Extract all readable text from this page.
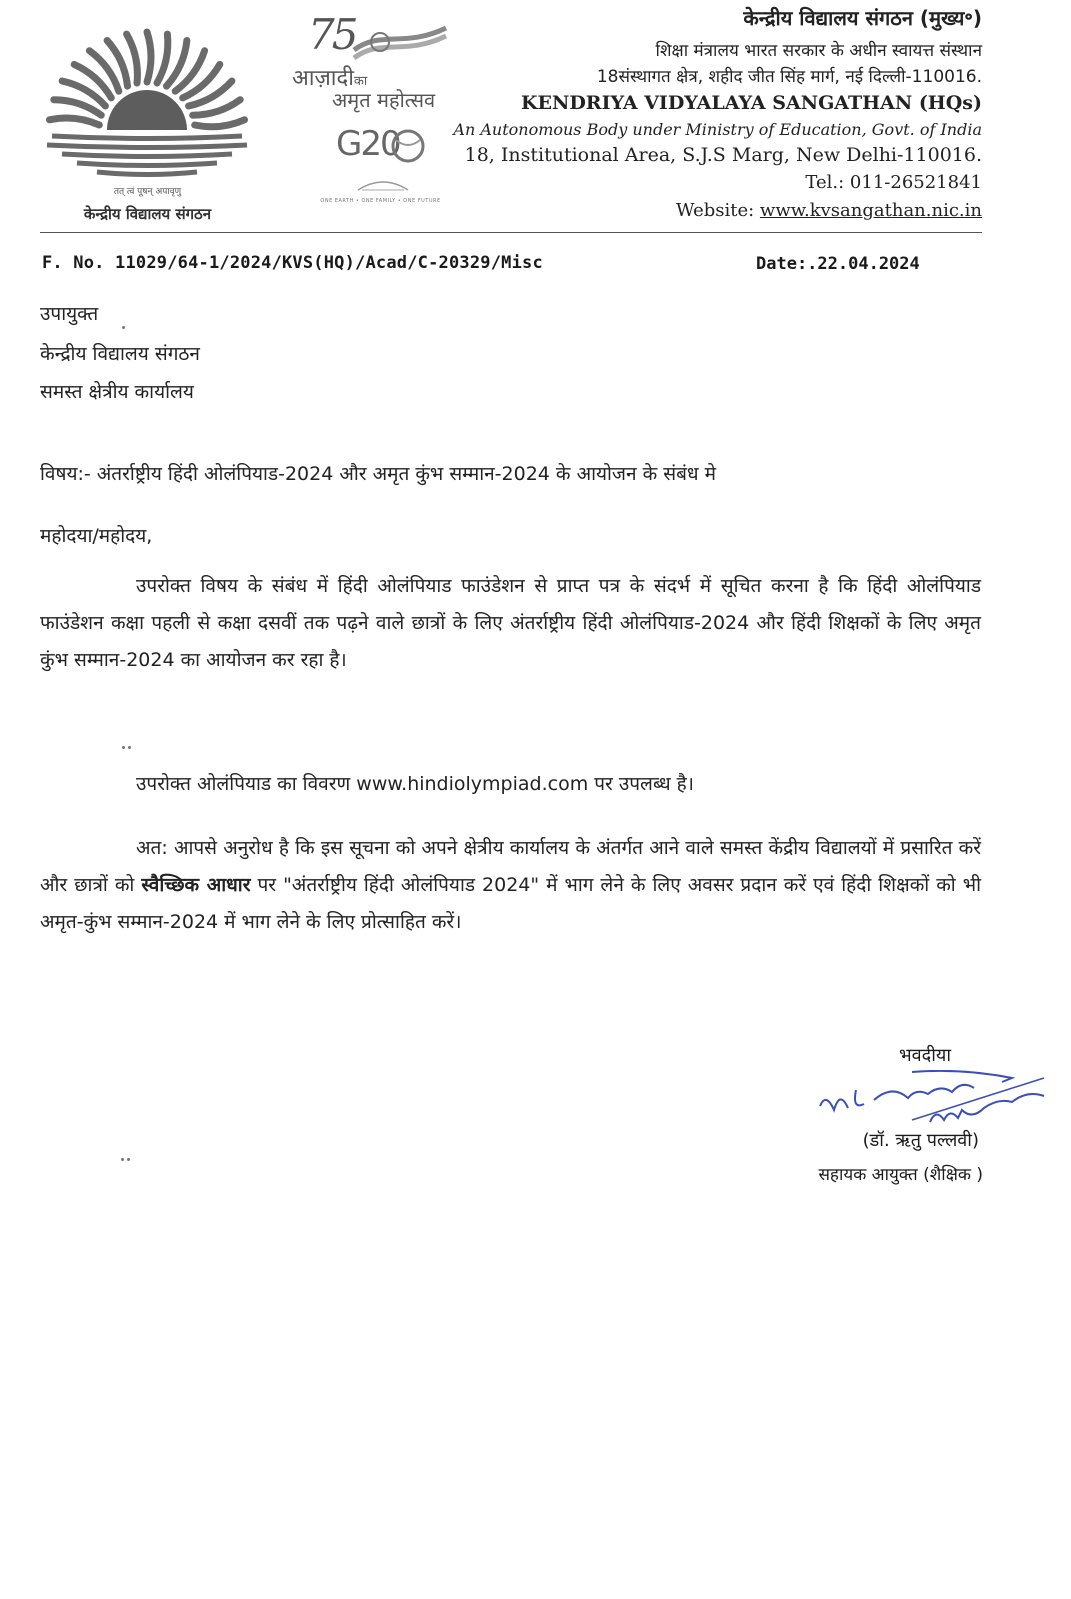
तत् त्वं पूषन् अपावृणु
केन्द्रीय विद्यालय संगठन
75
आज़ादीका
अमृत महोत्सव
G20
ONE EARTH • ONE FAMILY • ONE FUTURE
केन्द्रीय विद्यालय संगठन (मुख्य॰)
शिक्षा मंत्रालय भारत सरकार के अधीन स्वायत्त संस्थान
18संस्थागत क्षेत्र, शहीद जीत सिंह मार्ग, नई दिल्ली-110016.
KENDRIYA VIDYALAYA SANGATHAN (HQs)
An Autonomous Body under Ministry of Education, Govt. of India
18, Institutional Area, S.J.S Marg, New Delhi-110016.
Tel.: 011-26521841
Website: www.kvsangathan.nic.in
F. No. 11029/64-1/2024/KVS(HQ)/Acad/C-20329/Misc	Date:.22.04.2024
उपायुक्त
केन्द्रीय विद्यालय संगठन
समस्त क्षेत्रीय कार्यालय
विषय:- अंतर्राष्ट्रीय हिंदी ओलंपियाड-2024 और अमृत कुंभ सम्मान-2024 के आयोजन के संबंध मे
महोदया/महोदय,

उपरोक्त विषय के संबंध में हिंदी ओलंपियाड फाउंडेशन से प्राप्त पत्र के संदर्भ में सूचित करना है कि हिंदी ओलंपियाड फाउंडेशन कक्षा पहली से कक्षा दसवीं तक पढ़ने वाले छात्रों के लिए अंतर्राष्ट्रीय हिंदी ओलंपियाड-2024 और हिंदी शिक्षकों के लिए अमृत कुंभ सम्मान-2024 का आयोजन कर रहा है।

उपरोक्त ओलंपियाड का विवरण www.hindiolympiad.com पर उपलब्ध है।

अत: आपसे अनुरोध है कि इस सूचना को अपने क्षेत्रीय कार्यालय के अंतर्गत आने वाले समस्त केंद्रीय विद्यालयों में प्रसारित करें और छात्रों को स्वैच्छिक आधार पर "अंतर्राष्ट्रीय हिंदी ओलंपियाड 2024" में भाग लेने के लिए अवसर प्रदान करें एवं हिंदी शिक्षकों को भी अमृत-कुंभ सम्मान-2024 में भाग लेने के लिए प्रोत्साहित करें।

भवदीया
(डॉ. ऋतु पल्लवी)
सहायक आयुक्त (शैक्षिक )
